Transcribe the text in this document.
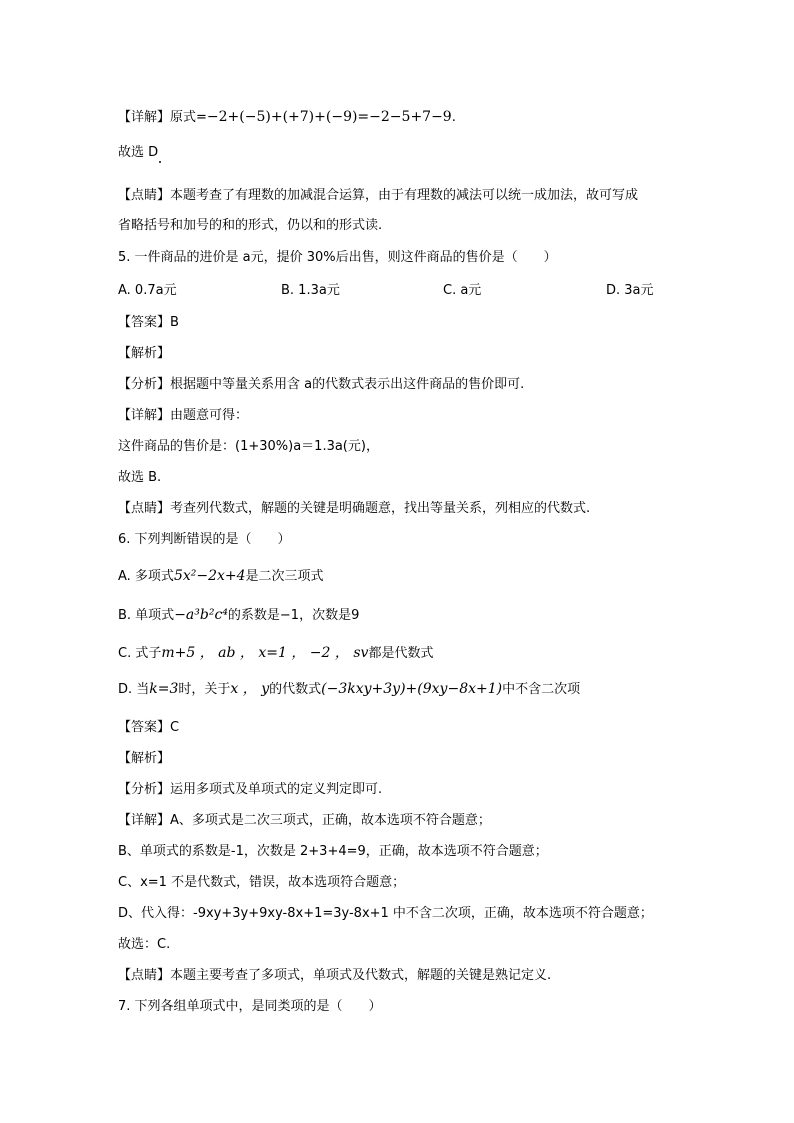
【详解】原式=−2+(−5)+(+7)+(−9)=−2−5+7−9.
故选 D
【点睛】本题考查了有理数的加减混合运算，由于有理数的减法可以统一成加法，故可写成
省略括号和加号的和的形式，仍以和的形式读.
5. 一件商品的进价是 a元，提价 30%后出售，则这件商品的售价是（　　）
A. 0.7a元	B. 1.3a元	C. a元	D. 3a元
【答案】B
【解析】
【分析】根据题中等量关系用含 a的代数式表示出这件商品的售价即可.
【详解】由题意可得：
这件商品的售价是：(1+30%)a＝1.3a(元)，
故选 B.
【点睛】考查列代数式，解题的关键是明确题意，找出等量关系，列相应的代数式.
6. 下列判断错误的是（　　）
A. 多项式5x²−2x+4是二次三项式
B. 单项式−a³b²c⁴的系数是−1，次数是9
C. 式子m+5 ， ab ， x=1 ， −2 ， sv都是代数式
D. 当k=3时，关于x ， y的代数式(−3kxy+3y)+(9xy−8x+1)中不含二次项
【答案】C
【解析】
【分析】运用多项式及单项式的定义判定即可.
【详解】A、多项式是二次三项式，正确，故本选项不符合题意；
B、单项式的系数是-1，次数是 2+3+4=9，正确，故本选项不符合题意；
C、x=1 不是代数式，错误，故本选项符合题意；
D、代入得：-9xy+3y+9xy-8x+1=3y-8x+1 中不含二次项，正确，故本选项不符合题意；
故选：C.
【点睛】本题主要考查了多项式，单项式及代数式，解题的关键是熟记定义.
7. 下列各组单项式中，是同类项的是（　　）
